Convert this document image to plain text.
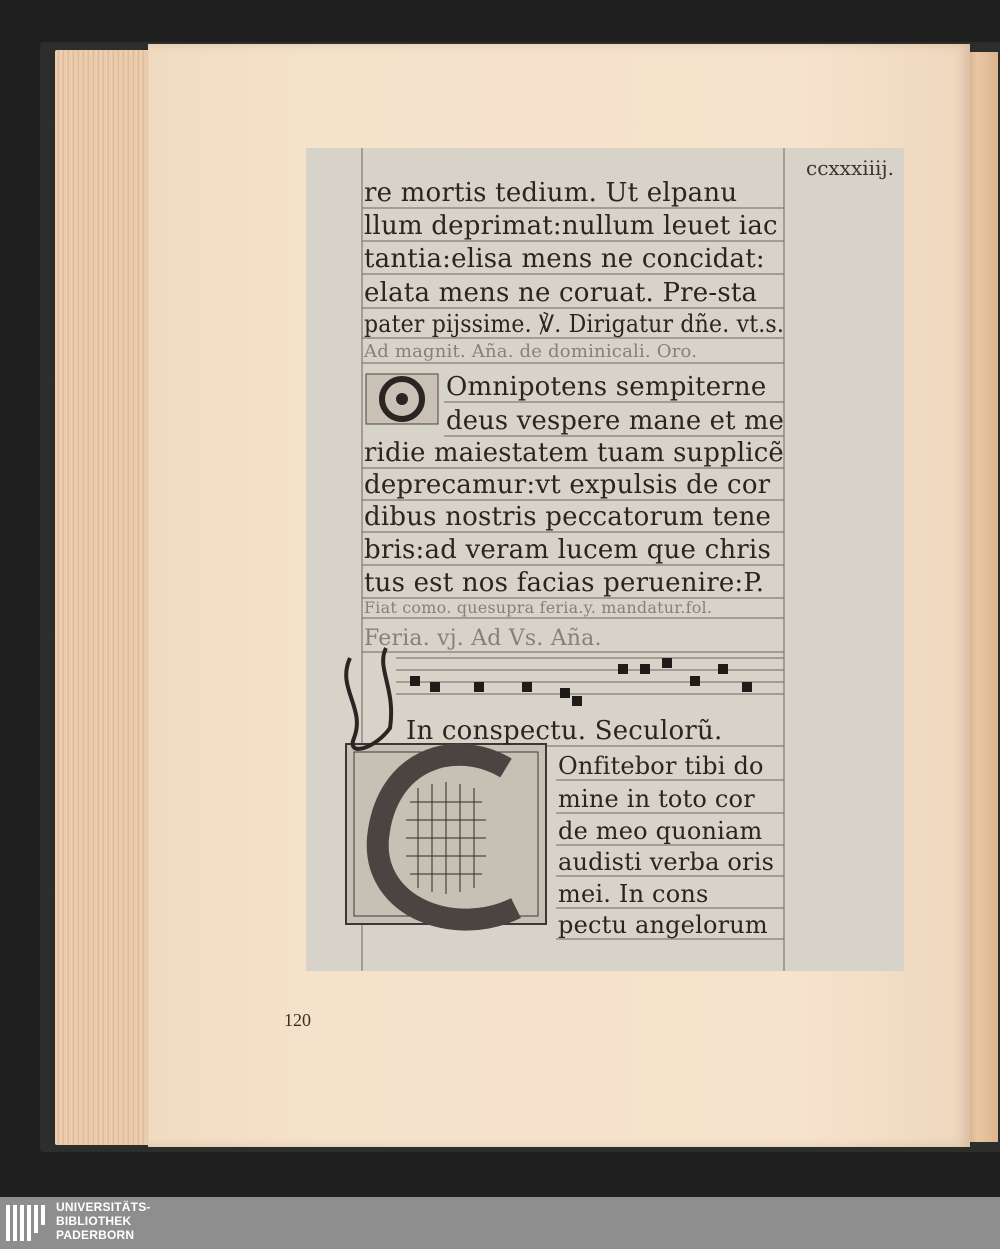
120
ccxxxiiij.
re mortis tedium. Ut elpanu
llum deprimat:nullum leuet iac
tantia:elisa mens ne concidat:
elata mens ne coruat. Pre-sta
pater pijssime. ℣. Dirigatur dñe. vt.s.
Ad magnit. Añа. de dominicali. Oro.
Omnipotens sempiterne
deus vespere mane et me
ridie maiestatem tuam supplicẽ
deprecamur:vt expulsis de cor
dibus nostris peccatorum tene
bris:ad veram lucem que chris
tus est nos facias peruenire:P.
Fiat como. quesupra feria.y. mandatur.fol.
Feria. vj. Ad Vs. Aña.
In conspectu. Seculorũ.
Onfitebor tibi do
mine in toto cor
de meo quoniam
audisti verba oris
mei. In cons
pectu angelorum
UNIVERSITÄTS-
BIBLIOTHEK
PADERBORN
